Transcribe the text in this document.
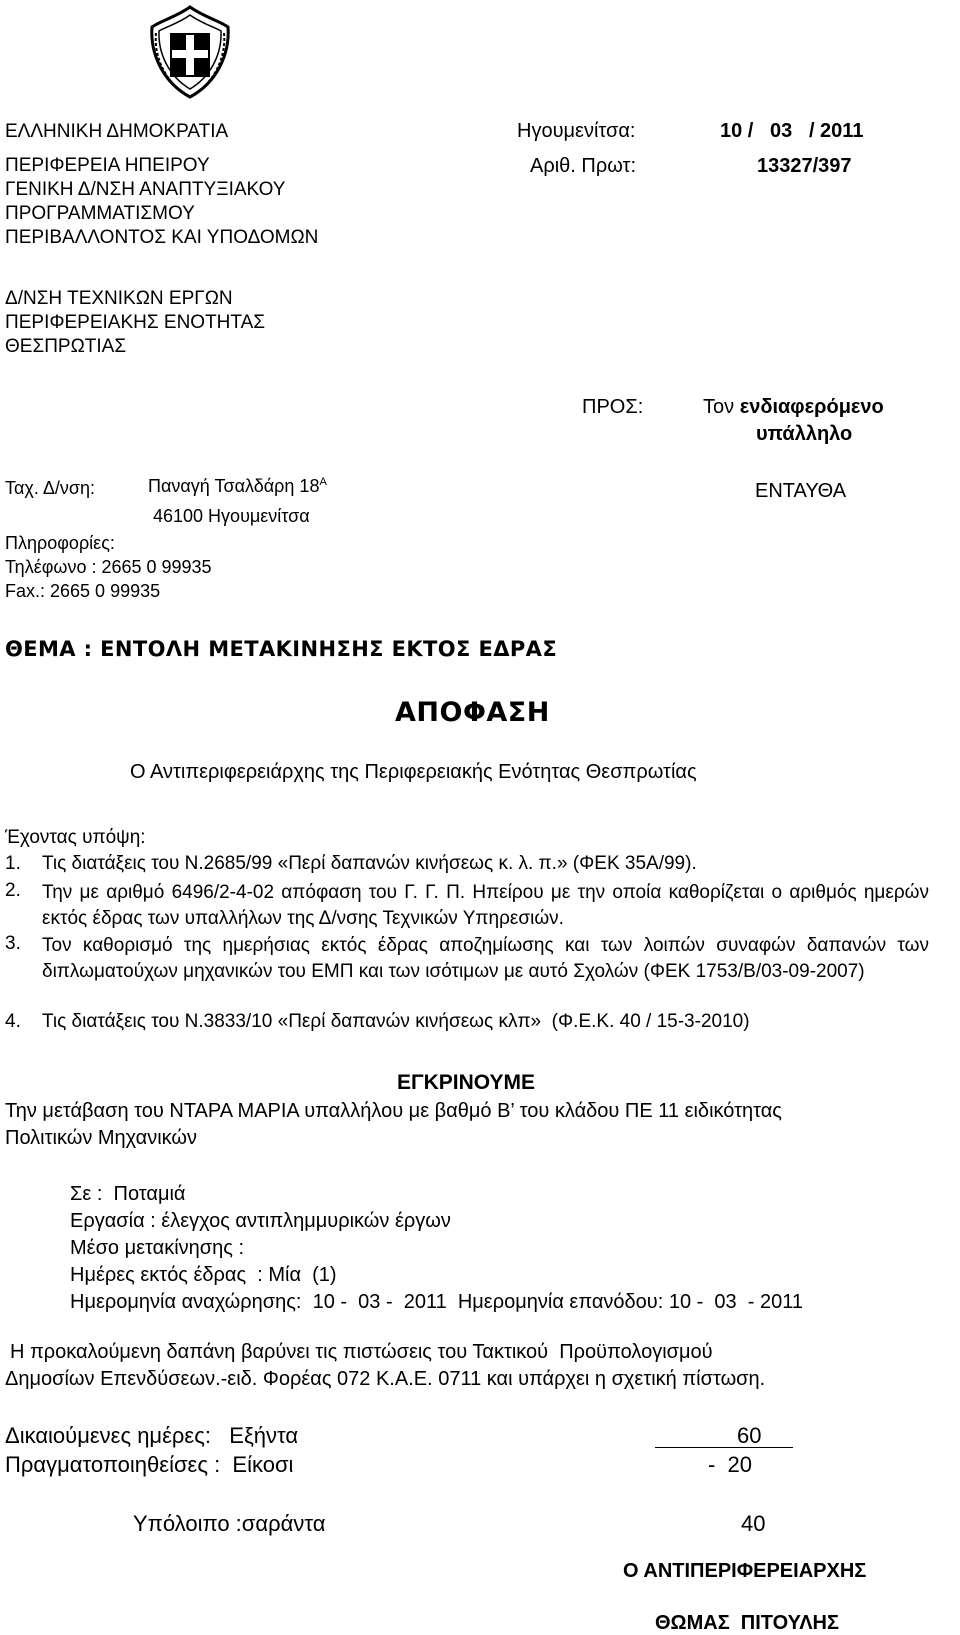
ΕΛΛΗΝΙΚΗ ΔΗΜΟΚΡΑΤΙΑ
ΠΕΡΙΦΕΡΕΙΑ ΗΠΕΙΡΟΥ
ΓΕΝΙΚΗ Δ/ΝΣΗ ΑΝΑΠΤΥΞΙΑΚΟΥ
ΠΡΟΓΡΑΜΜΑΤΙΣΜΟΥ
ΠΕΡΙΒΑΛΛΟΝΤΟΣ ΚΑΙ ΥΠΟΔΟΜΩΝ
Δ/ΝΣΗ ΤΕΧΝΙΚΩΝ ΕΡΓΩΝ
ΠΕΡΙΦΕΡΕΙΑΚΗΣ ΕΝΟΤΗΤΑΣ
ΘΕΣΠΡΩΤΙΑΣ
Ηγουμενίτσα:	10 /   03   / 2011
Αριθ. Πρωτ:	13327/397
ΠΡΟΣ:	Τον ενδιαφερόμενο
υπάλληλο
ΕΝΤΑΥΘΑ
Ταχ. Δ/νση:	Παναγή Τσαλδάρη $18^A$
46100 Ηγουμενίτσα
Πληροφορίες:
Τηλέφωνο : 2665 0 99935
Fax.: 2665 0 99935
ΘΕΜΑ : ΕΝΤΟΛΗ ΜΕΤΑΚΙΝΗΣΗΣ ΕΚΤΟΣ ΕΔΡΑΣ
ΑΠΟΦΑΣΗ
Ο Αντιπεριφερειάρχης της Περιφερειακής Ενότητας Θεσπρωτίας
Έχοντας υπόψη:
1. Τις διατάξεις του Ν.2685/99 «Περί δαπανών κινήσεως κ. λ. π.» (ΦΕΚ 35Α/99).
2. Την με αριθμό 6496/2-4-02 απόφαση του Γ. Γ. Π. Ηπείρου με την οποία καθορίζεται ο αριθμός ημερών εκτός έδρας των υπαλλήλων της Δ/νσης Τεχνικών Υπηρεσιών.
3. Τον καθορισμό της ημερήσιας εκτός έδρας αποζημίωσης και των λοιπών συναφών δαπανών των διπλωματούχων μηχανικών του ΕΜΠ και των ισότιμων με αυτό Σχολών (ΦΕΚ 1753/Β/03-09-2007)
4. Τις διατάξεις του Ν.3833/10 «Περί δαπανών κινήσεως κλπ»  (Φ.Ε.Κ. 40 / 15-3-2010)
ΕΓΚΡΙΝΟΥΜΕ
Την μετάβαση του ΝΤΑΡΑ ΜΑΡΙΑ υπαλλήλου με βαθμό Β’ του κλάδου ΠΕ 11 ειδικότητας
Πολιτικών Μηχανικών
Σε :  Ποταμιά
Εργασία : έλεγχος αντιπλημμυρικών έργων
Μέσο μετακίνησης :
Ημέρες εκτός έδρας  : Μία  (1)
Ημερομηνία αναχώρησης:  10 -  03 -  2011  Ημερομηνία επανόδου: 10 -  03  - 2011
Η προκαλούμενη δαπάνη βαρύνει τις πιστώσεις του Τακτικού  Προϋπολογισμού
Δημοσίων Επενδύσεων.-ειδ. Φορέας 072 Κ.Α.Ε. 0711 και υπάρχει η σχετική πίστωση.
Δικαιούμενες ημέρες:   Εξήντα	60
Πραγματοποιηθείσες :  Είκοσι	-  20
Υπόλοιπο :σαράντα	40
Ο ΑΝΤΙΠΕΡΙΦΕΡΕΙΑΡΧΗΣ
ΘΩΜΑΣ  ΠΙΤΟΥΛΗΣ
